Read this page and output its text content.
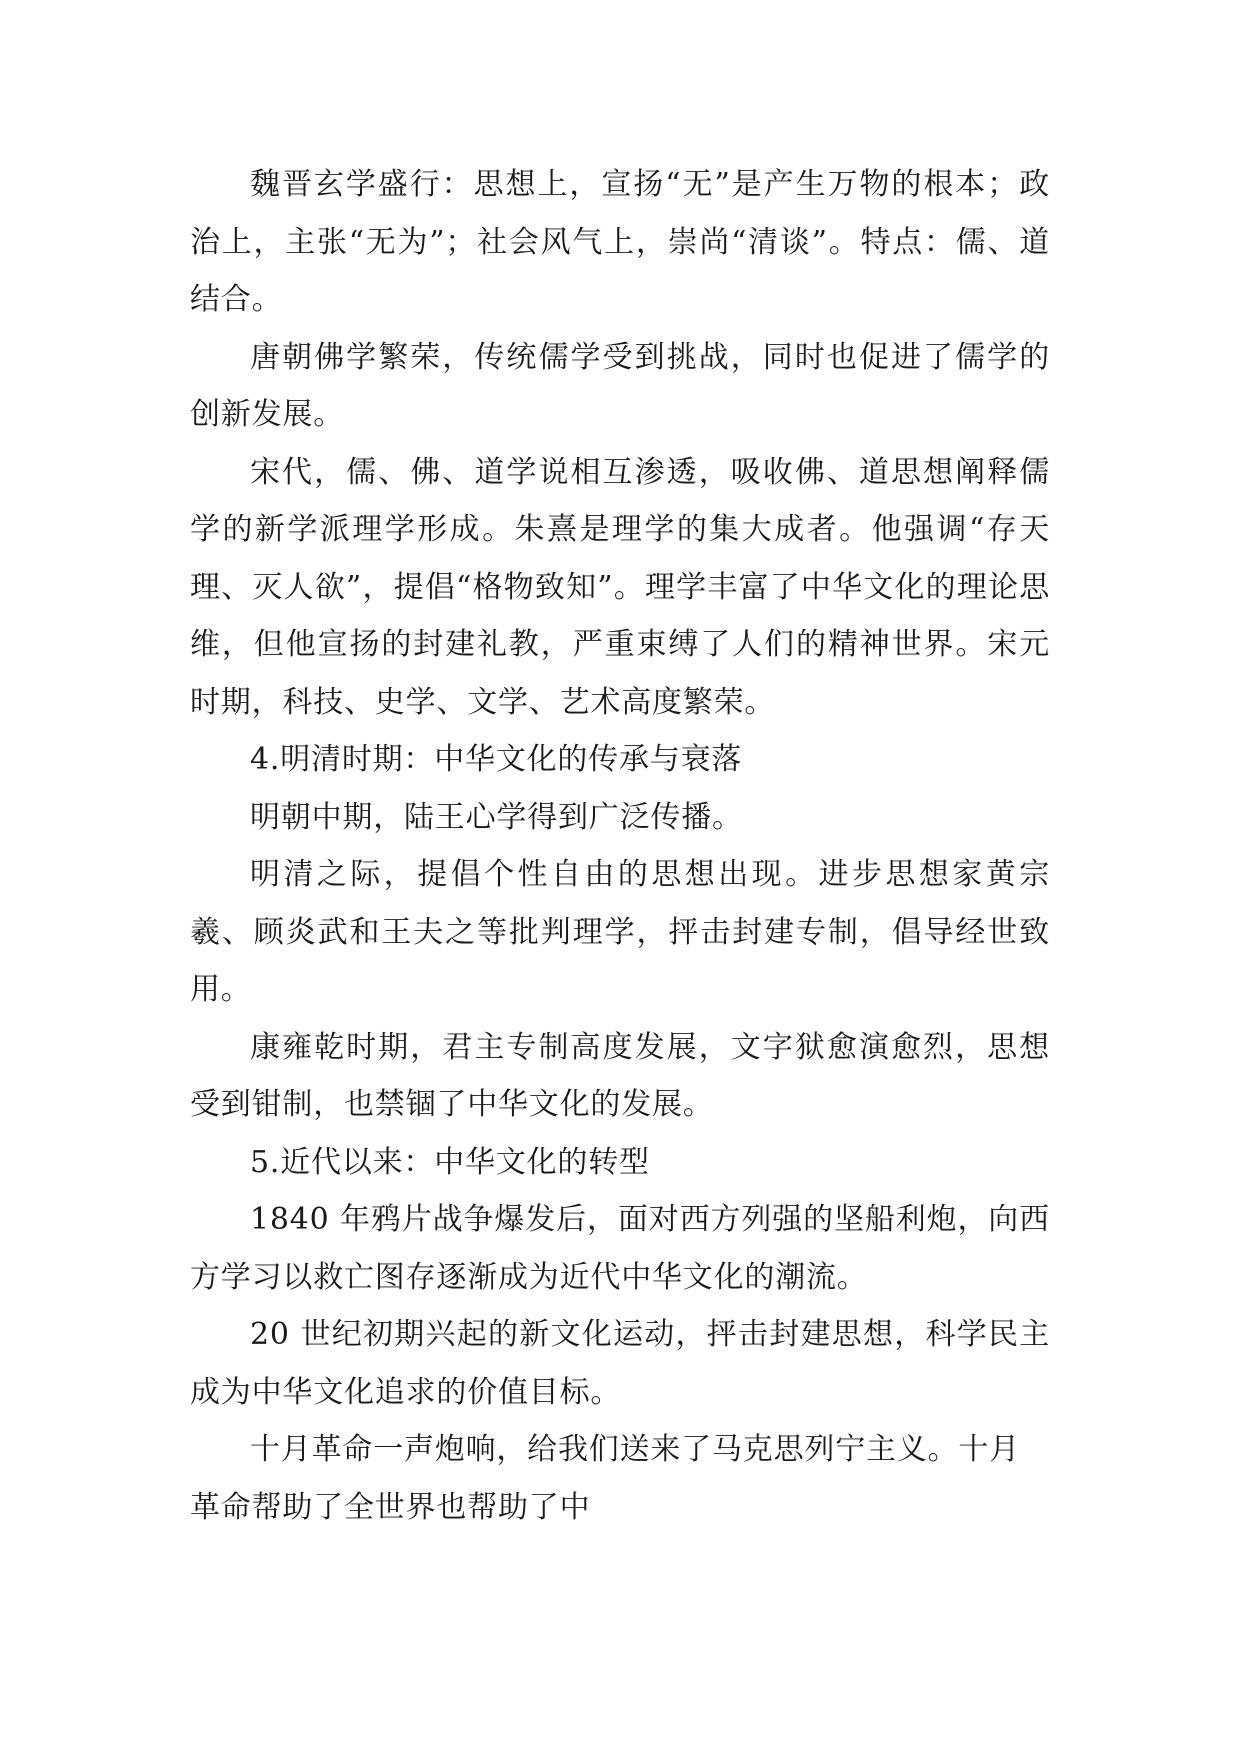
魏晋玄学盛行：思想上，宣扬“无”是产生万物的根本；政治上，主张“无为”；社会风气上，崇尚“清谈”。特点：儒、道结合。

唐朝佛学繁荣，传统儒学受到挑战，同时也促进了儒学的创新发展。

宋代，儒、佛、道学说相互渗透，吸收佛、道思想阐释儒学的新学派理学形成。朱熹是理学的集大成者。他强调“存天理、灭人欲”，提倡“格物致知”。理学丰富了中华文化的理论思维，但他宣扬的封建礼教，严重束缚了人们的精神世界。宋元时期，科技、史学、文学、艺术高度繁荣。

4.明清时期：中华文化的传承与衰落

明朝中期，陆王心学得到广泛传播。

明清之际，提倡个性自由的思想出现。进步思想家黄宗羲、顾炎武和王夫之等批判理学，抨击封建专制，倡导经世致用。

康雍乾时期，君主专制高度发展，文字狱愈演愈烈，思想受到钳制，也禁锢了中华文化的发展。

5.近代以来：中华文化的转型

1840 年鸦片战争爆发后，面对西方列强的坚船利炮，向西方学习以救亡图存逐渐成为近代中华文化的潮流。

20 世纪初期兴起的新文化运动，抨击封建思想，科学民主成为中华文化追求的价值目标。

十月革命一声炮响，给我们送来了马克思列宁主义。十月革命帮助了全世界也帮助了中
